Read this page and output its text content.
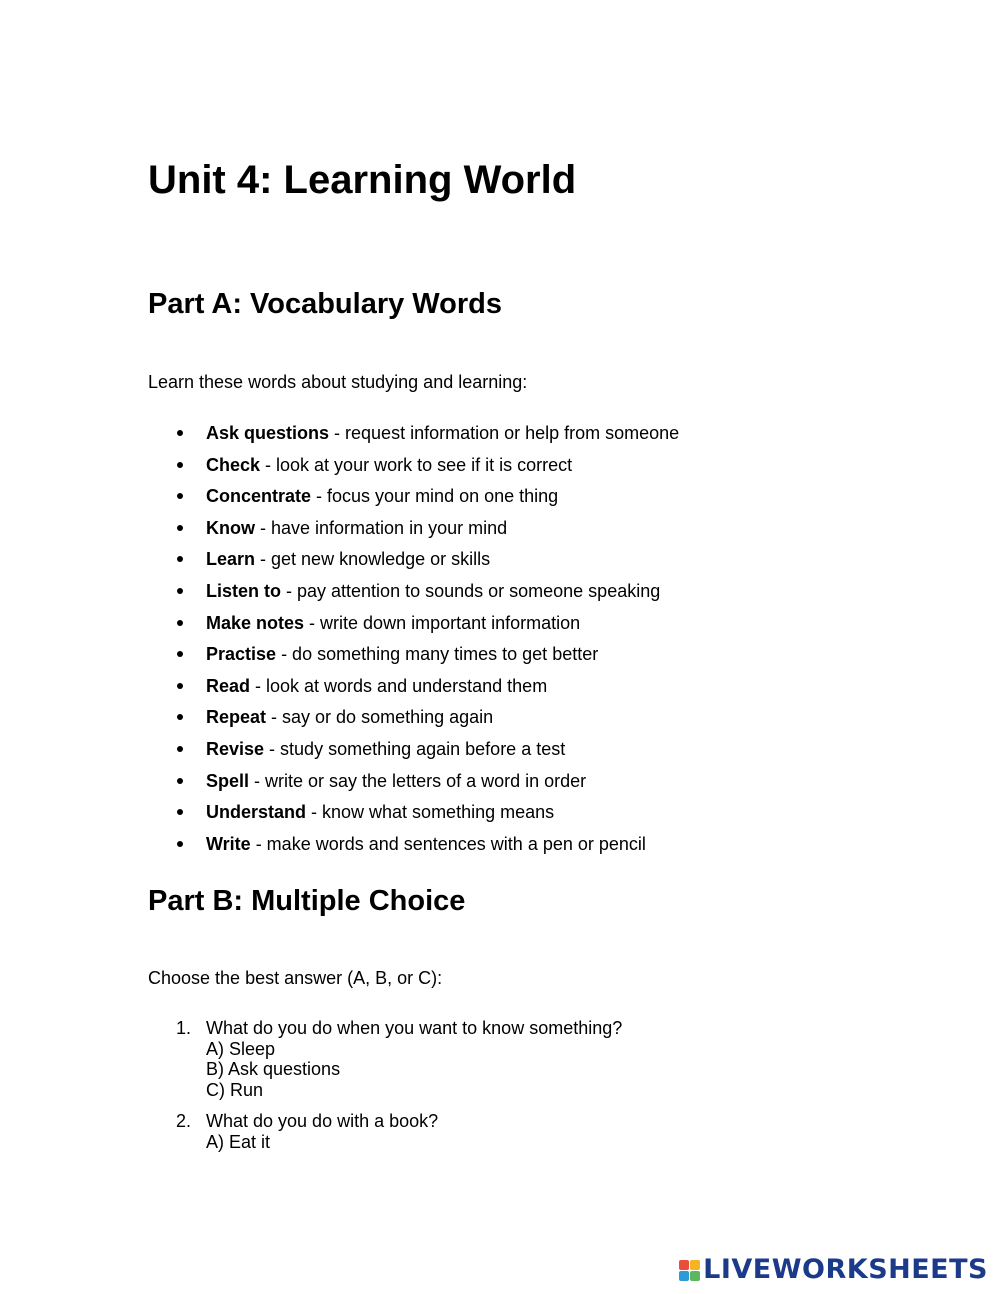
Unit 4: Learning World
Part A: Vocabulary Words

Learn these words about studying and learning:

Ask questions - request information or help from someone
Check - look at your work to see if it is correct
Concentrate - focus your mind on one thing
Know - have information in your mind
Learn - get new knowledge or skills
Listen to - pay attention to sounds or someone speaking
Make notes - write down important information
Practise - do something many times to get better
Read - look at words and understand them
Repeat - say or do something again
Revise - study something again before a test
Spell - write or say the letters of a word in order
Understand - know what something means
Write - make words and sentences with a pen or pencil
Part B: Multiple Choice

Choose the best answer (A, B, or C):

1. What do you do when you want to know something?
A) Sleep
B) Ask questions
C) Run
2. What do you do with a book?
A) Eat it
LIVEWORKSHEETS
